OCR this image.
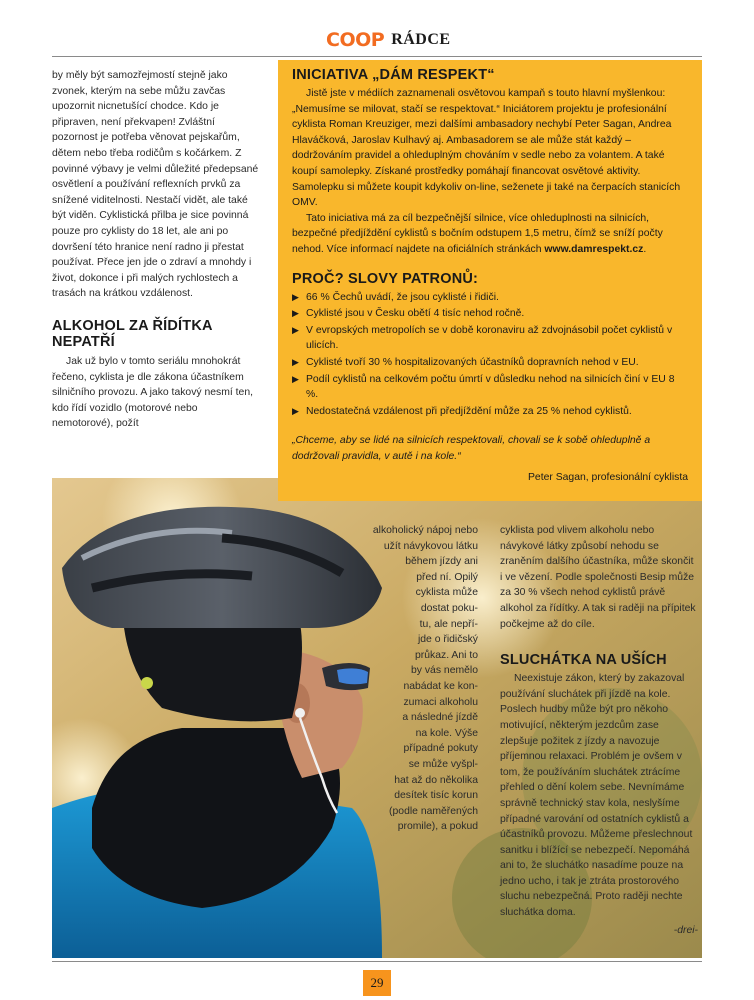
COOP RÁDCE

by měly být samozřejmostí stejně jako zvonek, kterým na sebe můžu zavčas upozornit nicnetušící chodce. Kdo je připraven, není překvapen! Zvláštní pozornost je potřeba věnovat pejskařům, dětem nebo třeba rodičům s kočárkem. Z povinné výbavy je velmi důležité předepsané osvětlení a používání reflexních prvků za snížené viditelnosti. Nestačí vidět, ale také být viděn. Cyklistická přilba je sice povinná pouze pro cyklisty do 18 let, ale ani po dovršení této hranice není radno ji přestat používat. Přece jen jde o zdraví a mnohdy i život, dokonce i při malých rychlostech a trasách na krátkou vzdálenost.

ALKOHOL ZA ŘÍDÍTKA NEPATŘÍ

Jak už bylo v tomto seriálu mnohokrát řečeno, cyklista je dle zákona účastníkem silničního provozu. A jako takový nesmí ten, kdo řídí vozidlo (motorové nebo nemotorové), požít

alkoholický nápoj nebo
užít návykovou látku
během jízdy ani
před ní. Opilý
cyklista může
dostat poku-
tu, ale nepří-
jde o řidičský
průkaz. Ani to
by vás nemělo
nabádat ke kon-
zumaci alkoholu
a následné jízdě
na kole. Výše
případné pokuty
se může vyšpl-
hat až do několika
desítek tisíc korun
(podle naměřených
promile), a pokud
INICIATIVA „DÁM RESPEKT“

Jistě jste v médiích zaznamenali osvětovou kampaň s touto hlavní myšlenkou: „Nemusíme se milovat, stačí se respektovat.“ Iniciátorem projektu je profesionální cyklista Roman Kreuziger, mezi dalšími ambasadory nechybí Peter Sagan, Andrea Hlaváčková, Jaroslav Kulhavý aj. Ambasadorem se ale může stát každý – dodržováním pravidel a ohleduplným chováním v sedle nebo za volantem. A také koupí samolepky. Získané prostředky pomáhají financovat osvětové aktivity. Samolepku si můžete koupit kdykoliv on-line, seženete ji také na čerpacích stanicích OMV.

Tato iniciativa má za cíl bezpečnější silnice, více ohleduplnosti na silnicích, bezpečné předjíždění cyklistů s bočním odstupem 1,5 metru, čímž se sníží počty nehod. Více informací najdete na oficiálních stránkách www.damrespekt.cz.

PROČ? SLOVY PATRONŮ:
▶ 66 % Čechů uvádí, že jsou cyklisté i řidiči.
▶ Cyklisté jsou v Česku obětí 4 tisíc nehod ročně.
▶ V evropských metropolích se v době koronaviru až zdvojnásobil počet cyklistů v ulicích.
▶ Cyklisté tvoří 30 % hospitalizovaných účastníků dopravních nehod v EU.
▶ Podíl cyklistů na celkovém počtu úmrtí v důsledku nehod na silnicích činí v EU 8 %.
▶ Nedostatečná vzdálenost při předjíždění může za 25 % nehod cyklistů.

„Chceme, aby se lidé na silnicích respektovali, chovali se k sobě ohleduplně a dodržovali pravidla, v autě i na kole.“

Peter Sagan, profesionální cyklista

cyklista pod vlivem alkoholu nebo návykové látky způsobí nehodu se zraněním dalšího účastníka, může skončit i ve vězení. Podle společnosti Besip může za 30 % všech nehod cyklistů právě alkohol za řídítky. A tak si raději na přípitek počkejme až do cíle.

SLUCHÁTKA NA UŠÍCH

Neexistuje zákon, který by zakazoval používání sluchátek při jízdě na kole. Poslech hudby může být pro někoho motivující, některým jezdcům zase zlepšuje požitek z jízdy a navozuje příjemnou relaxaci. Problém je ovšem v tom, že používáním sluchátek ztrácíme přehled o dění kolem sebe. Nevnímáme správně technický stav kola, neslyšíme případné varování od ostatních cyklistů a účastníků provozu. Můžeme přeslechnout sanitku i blížící se nebezpečí. Nepomáhá ani to, že sluchátko nasadíme pouze na jedno ucho, i tak je ztráta prostorového sluchu nebezpečná. Proto raději nechte sluchátka doma.

-drei-

29
